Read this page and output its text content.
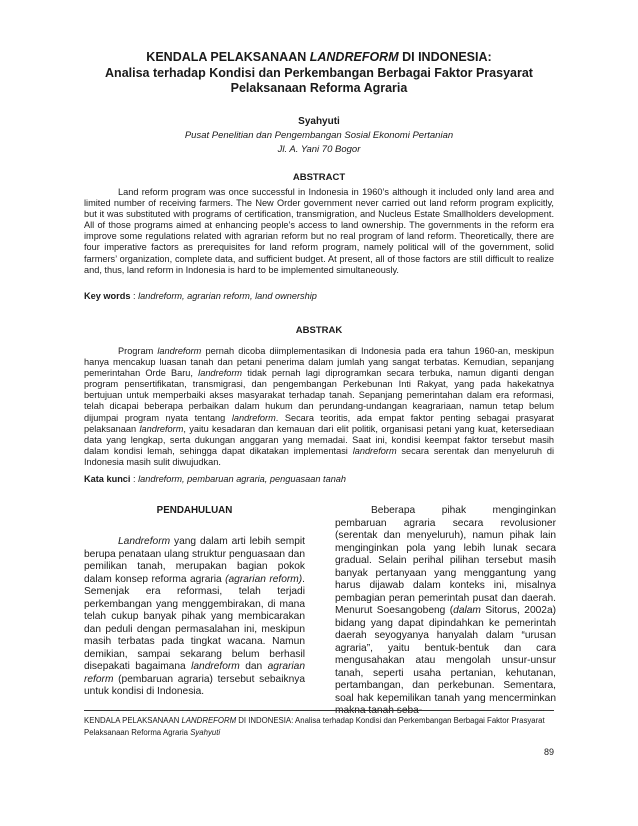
KENDALA PELAKSANAAN LANDREFORM DI INDONESIA:
Analisa terhadap Kondisi dan Perkembangan Berbagai Faktor Prasyarat
Pelaksanaan Reforma Agraria
Syahyuti
Pusat Penelitian dan Pengembangan Sosial Ekonomi Pertanian
Jl. A. Yani 70 Bogor
ABSTRACT
Land reform program was once successful in Indonesia in 1960’s although it included only land area and limited number of receiving farmers. The New Order government never carried out land reform program explicitly, but it was substituted with programs of certification, transmigration, and Nucleus Estate Smallholders development. All of those programs aimed at enhancing people’s access to land ownership. The governments in the reform era improve some regulations related with agrarian reform but no real program of land reform. Theoretically, there are four imperative factors as prerequisites for land reform program, namely political will of the government, solid farmers’ organization, complete data, and sufficient budget. At present, all of those factors are still difficult to realize and, thus, land reform in Indonesia is hard to be implemented simultaneously.
Key words : landreform, agrarian reform, land ownership
ABSTRAK
Program landreform pernah dicoba diimplementasikan di Indonesia pada era tahun 1960-an, meskipun hanya mencakup luasan tanah dan petani penerima dalam jumlah yang sangat terbatas. Kemudian, sepanjang pemerintahan Orde Baru, landreform tidak pernah lagi diprogramkan secara terbuka, namun diganti dengan program pensertifikatan, transmigrasi, dan pengembangan Perkebunan Inti Rakyat, yang pada hakekatnya bertujuan untuk memperbaiki akses masyarakat terhadap tanah. Sepanjang pemerintahan dalam era reformasi, telah dicapai beberapa perbaikan dalam hukum dan perundang-undangan keagrariaan, namun tetap belum dijumpai program nyata tentang landreform. Secara teoritis, ada empat faktor penting sebagai prasyarat pelaksanaan landreform, yaitu kesadaran dan kemauan dari elit politik, organisasi petani yang kuat, ketersediaan data yang lengkap, serta dukungan anggaran yang memadai. Saat ini, kondisi keempat faktor tersebut masih dalam kondisi lemah, sehingga dapat dikatakan implementasi landreform secara serentak dan menyeluruh di Indonesia masih sulit diwujudkan.
Kata kunci : landreform, pembaruan agraria, penguasaan tanah
PENDAHULUAN
Landreform yang dalam arti lebih sempit berupa penataan ulang struktur penguasaan dan pemilikan tanah, merupakan bagian pokok dalam konsep reforma agraria (agrarian reform). Semenjak era reformasi, telah terjadi perkembangan yang menggembirakan, di mana telah cukup banyak pihak yang membicarakan dan peduli dengan permasalahan ini, meskipun masih terbatas pada tingkat wacana. Namun demikian, sampai sekarang belum berhasil disepakati bagaimana landreform dan agrarian reform (pembaruan agraria) tersebut sebaiknya untuk kondisi di Indonesia.
Beberapa pihak menginginkan pembaruan agraria secara revolusioner (serentak dan menyeluruh), namun pihak lain menginginkan pola yang lebih lunak secara gradual. Selain perihal pilihan tersebut masih banyak pertanyaan yang menggantung yang harus dijawab dalam konteks ini, misalnya pembagian peran pemerintah pusat dan daerah. Menurut Soesangobeng (dalam Sitorus, 2002a) bidang yang dapat dipindahkan ke pemerintah daerah seyogyanya hanyalah dalam “urusan agraria”, yaitu bentuk-bentuk dan cara mengusahakan atau mengolah unsur-unsur tanah, seperti usaha pertanian, kehutanan, pertambangan, dan perkebunan. Sementara, soal hak kepemilikan tanah yang mencerminkan makna tanah seba-
KENDALA PELAKSANAAN LANDREFORM DI INDONESIA: Analisa terhadap Kondisi dan Perkembangan Berbagai Faktor Prasyarat
Pelaksanaan Reforma Agraria Syahyuti
89
